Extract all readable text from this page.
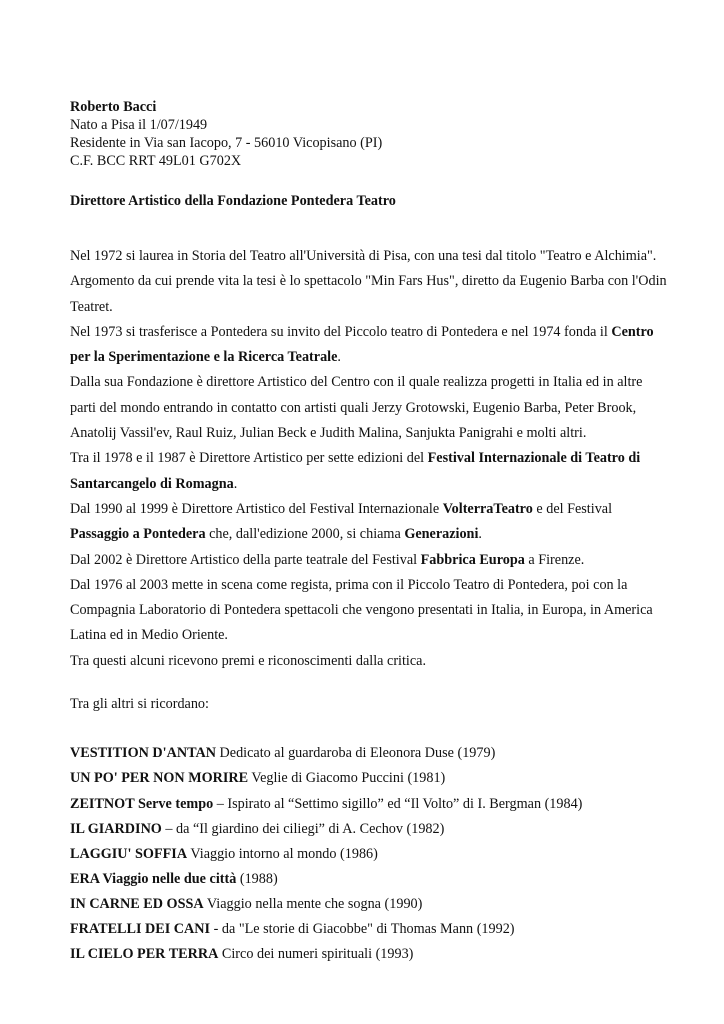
Roberto Bacci
Nato a Pisa il 1/07/1949
Residente in Via san Iacopo, 7 - 56010 Vicopisano (PI)
C.F. BCC RRT 49L01 G702X
Direttore Artistico della Fondazione Pontedera Teatro

Nel 1972 si laurea in Storia del Teatro all'Università di Pisa, con una tesi dal titolo "Teatro e Alchimia". Argomento da cui prende vita la tesi è lo spettacolo "Min Fars Hus", diretto da Eugenio Barba con l'Odin Teatret.

Nel 1973 si trasferisce a Pontedera su invito del Piccolo teatro di Pontedera e nel 1974 fonda il Centro per la Sperimentazione e la Ricerca Teatrale.

Dalla sua Fondazione è direttore Artistico del Centro con il quale realizza progetti in Italia ed in altre parti del mondo entrando in contatto con artisti quali Jerzy Grotowski, Eugenio Barba, Peter Brook, Anatolij Vassil'ev, Raul Ruiz, Julian Beck e Judith Malina, Sanjukta Panigrahi e molti altri.

Tra il 1978 e il 1987 è Direttore Artistico per sette edizioni del Festival Internazionale di Teatro di Santarcangelo di Romagna.

Dal 1990 al 1999 è Direttore Artistico del Festival Internazionale VolterraTeatro e del Festival Passaggio a Pontedera che, dall'edizione 2000, si chiama Generazioni.

Dal 2002 è Direttore Artistico della parte teatrale del Festival Fabbrica Europa a Firenze.

Dal 1976 al 2003 mette in scena come regista, prima con il Piccolo Teatro di Pontedera, poi con la Compagnia Laboratorio di Pontedera spettacoli che vengono presentati in Italia, in Europa, in America Latina ed in Medio Oriente.

Tra questi alcuni ricevono premi e riconoscimenti dalla critica.

Tra gli altri si ricordano:
VESTITION D'ANTAN Dedicato al guardaroba di Eleonora Duse (1979)
UN PO' PER NON MORIRE Veglie di Giacomo Puccini (1981)
ZEITNOT Serve tempo – Ispirato al “Settimo sigillo” ed “Il Volto” di I. Bergman (1984)
IL GIARDINO – da “Il giardino dei ciliegi” di A. Cechov (1982)
LAGGIU' SOFFIA Viaggio intorno al mondo (1986)
ERA Viaggio nelle due città (1988)
IN CARNE ED OSSA Viaggio nella mente che sogna (1990)
FRATELLI DEI CANI - da "Le storie di Giacobbe" di Thomas Mann (1992)
IL CIELO PER TERRA Circo dei numeri spirituali (1993)
